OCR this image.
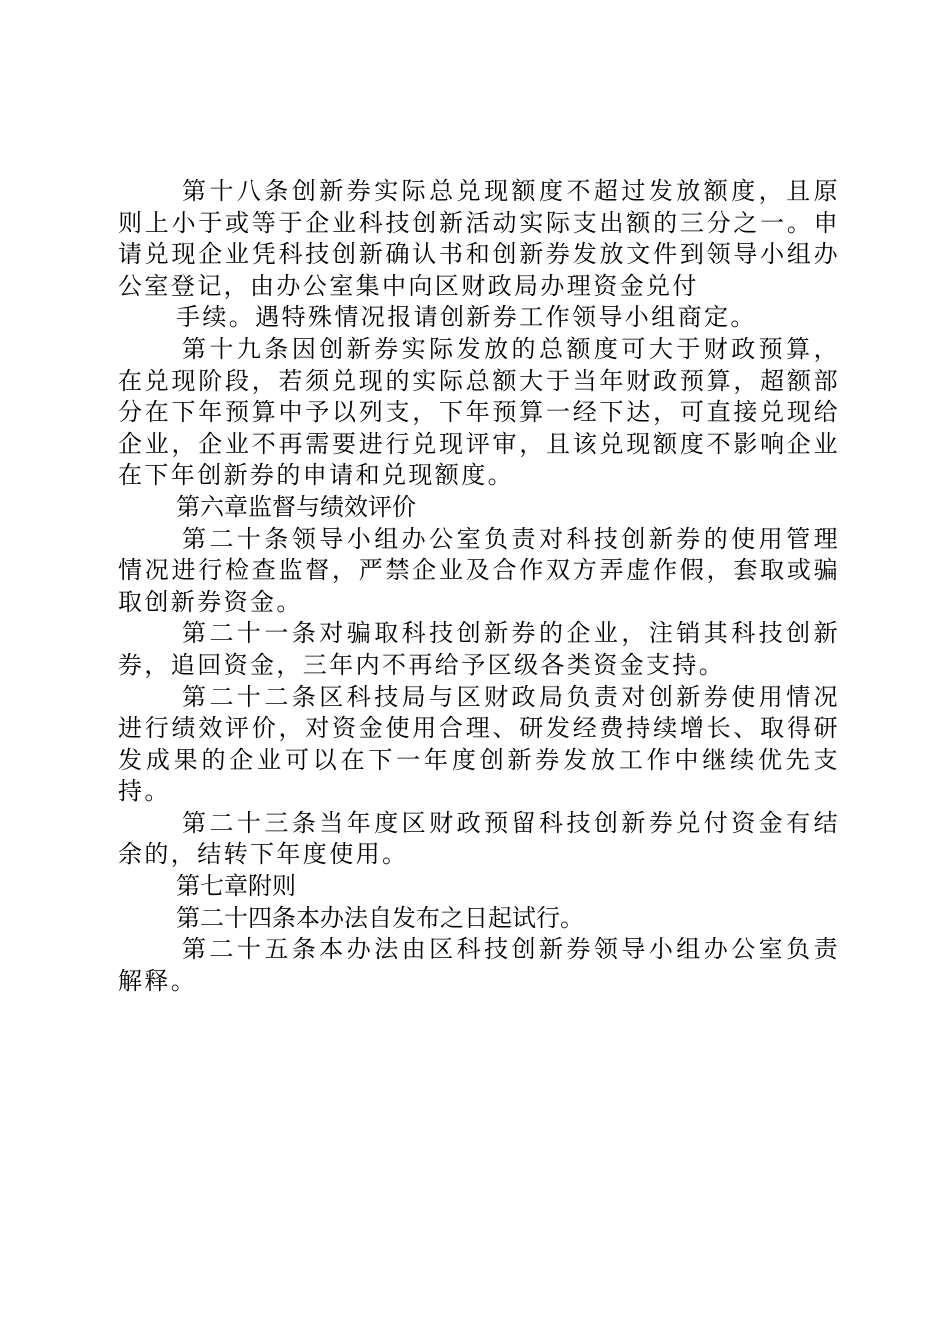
第十八条创新券实际总兑现额度不超过发放额度，且原则上小于或等于企业科技创新活动实际支出额的三分之一。申请兑现企业凭科技创新确认书和创新券发放文件到领导小组办公室登记，由办公室集中向区财政局办理资金兑付

手续。遇特殊情况报请创新券工作领导小组商定。

第十九条因创新券实际发放的总额度可大于财政预算，在兑现阶段，若须兑现的实际总额大于当年财政预算，超额部分在下年预算中予以列支，下年预算一经下达，可直接兑现给企业，企业不再需要进行兑现评审，且该兑现额度不影响企业在下年创新券的申请和兑现额度。

第六章监督与绩效评价

第二十条领导小组办公室负责对科技创新券的使用管理情况进行检查监督，严禁企业及合作双方弄虚作假，套取或骗取创新券资金。

第二十一条对骗取科技创新券的企业，注销其科技创新券，追回资金，三年内不再给予区级各类资金支持。

第二十二条区科技局与区财政局负责对创新券使用情况进行绩效评价，对资金使用合理、研发经费持续增长、取得研发成果的企业可以在下一年度创新券发放工作中继续优先支持。

第二十三条当年度区财政预留科技创新券兑付资金有结余的，结转下年度使用。

第七章附则

第二十四条本办法自发布之日起试行。

第二十五条本办法由区科技创新券领导小组办公室负责解释。
